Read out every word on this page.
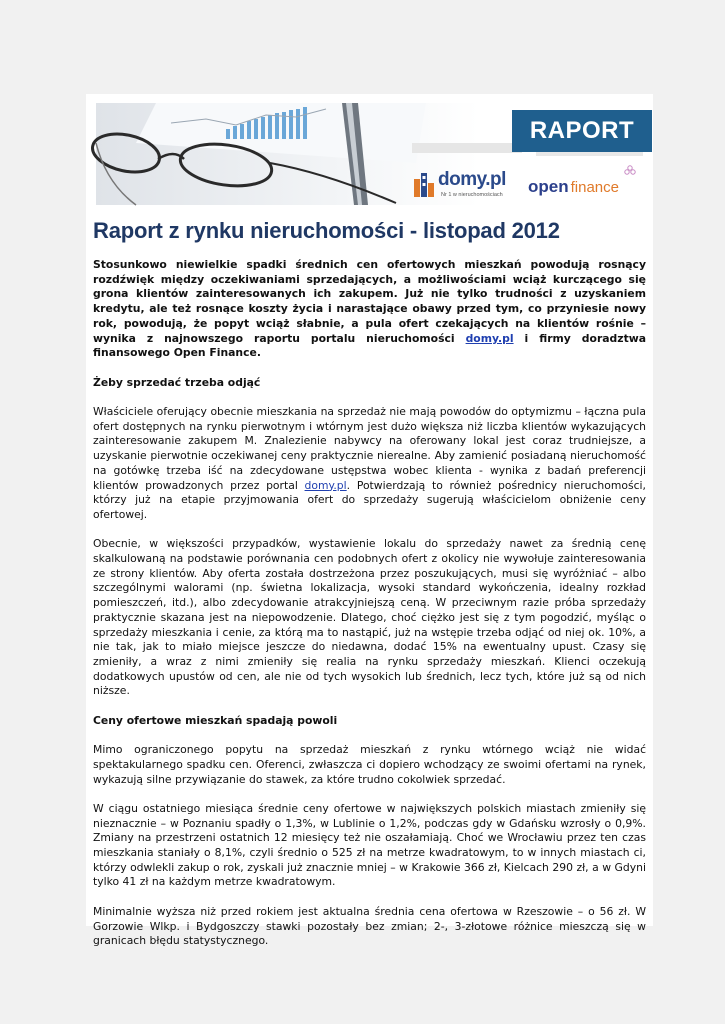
RAPORT
domy.pl
Nr 1 w nieruchomościach open finance
Raport z rynku nieruchomości - listopad 2012

Stosunkowo niewielkie spadki średnich cen ofertowych mieszkań powodują rosnący rozdźwięk między oczekiwaniami sprzedających, a możliwościami wciąż kurczącego się grona klientów zainteresowanych ich zakupem. Już nie tylko trudności z uzyskaniem kredytu, ale też rosnące koszty życia i narastające obawy przed tym, co przyniesie nowy rok, powodują, że popyt wciąż słabnie, a pula ofert czekających na klientów rośnie – wynika z najnowszego raportu portalu nieruchomości domy.pl i firmy doradztwa finansowego Open Finance.

Żeby sprzedać trzeba odjąć

Właściciele oferujący obecnie mieszkania na sprzedaż nie mają powodów do optymizmu – łączna pula ofert dostępnych na rynku pierwotnym i wtórnym jest dużo większa niż liczba klientów wykazujących zainteresowanie zakupem M. Znalezienie nabywcy na oferowany lokal jest coraz trudniejsze, a uzyskanie pierwotnie oczekiwanej ceny praktycznie nierealne. Aby zamienić posiadaną nieruchomość na gotówkę trzeba iść na zdecydowane ustępstwa wobec klienta - wynika z badań preferencji klientów prowadzonych przez portal domy.pl. Potwierdzają to również pośrednicy nieruchomości, którzy już na etapie przyjmowania ofert do sprzedaży sugerują właścicielom obniżenie ceny ofertowej.

Obecnie, w większości przypadków, wystawienie lokalu do sprzedaży nawet za średnią cenę skalkulowaną na podstawie porównania cen podobnych ofert z okolicy nie wywołuje zainteresowania ze strony klientów. Aby oferta została dostrzeżona przez poszukujących, musi się wyróżniać – albo szczególnymi walorami (np. świetna lokalizacja, wysoki standard wykończenia, idealny rozkład pomieszczeń, itd.), albo zdecydowanie atrakcyjniejszą ceną. W przeciwnym razie próba sprzedaży praktycznie skazana jest na niepowodzenie. Dlatego, choć ciężko jest się z tym pogodzić, myśląc o sprzedaży mieszkania i cenie, za którą ma to nastąpić, już na wstępie trzeba odjąć od niej ok. 10%, a nie tak, jak to miało miejsce jeszcze do niedawna, dodać 15% na ewentualny upust. Czasy się zmieniły, a wraz z nimi zmieniły się realia na rynku sprzedaży mieszkań. Klienci oczekują dodatkowych upustów od cen, ale nie od tych wysokich lub średnich, lecz tych, które już są od nich niższe.

Ceny ofertowe mieszkań spadają powoli

Mimo ograniczonego popytu na sprzedaż mieszkań z rynku wtórnego wciąż nie widać spektakularnego spadku cen. Oferenci, zwłaszcza ci dopiero wchodzący ze swoimi ofertami na rynek, wykazują silne przywiązanie do stawek, za które trudno cokolwiek sprzedać.

W ciągu ostatniego miesiąca średnie ceny ofertowe w największych polskich miastach zmieniły się nieznacznie – w Poznaniu spadły o 1,3%, w Lublinie o 1,2%, podczas gdy w Gdańsku wzrosły o 0,9%. Zmiany na przestrzeni ostatnich 12 miesięcy też nie oszałamiają. Choć we Wrocławiu przez ten czas mieszkania staniały o 8,1%, czyli średnio o 525 zł na metrze kwadratowym, to w innych miastach ci, którzy odwlekli zakup o rok, zyskali już znacznie mniej – w Krakowie 366 zł, Kielcach 290 zł, a w Gdyni tylko 41 zł na każdym metrze kwadratowym.

Minimalnie wyższa niż przed rokiem jest aktualna średnia cena ofertowa w Rzeszowie – o 56 zł. W Gorzowie Wlkp. i Bydgoszczy stawki pozostały bez zmian; 2-, 3-złotowe różnice mieszczą się w granicach błędu statystycznego.
